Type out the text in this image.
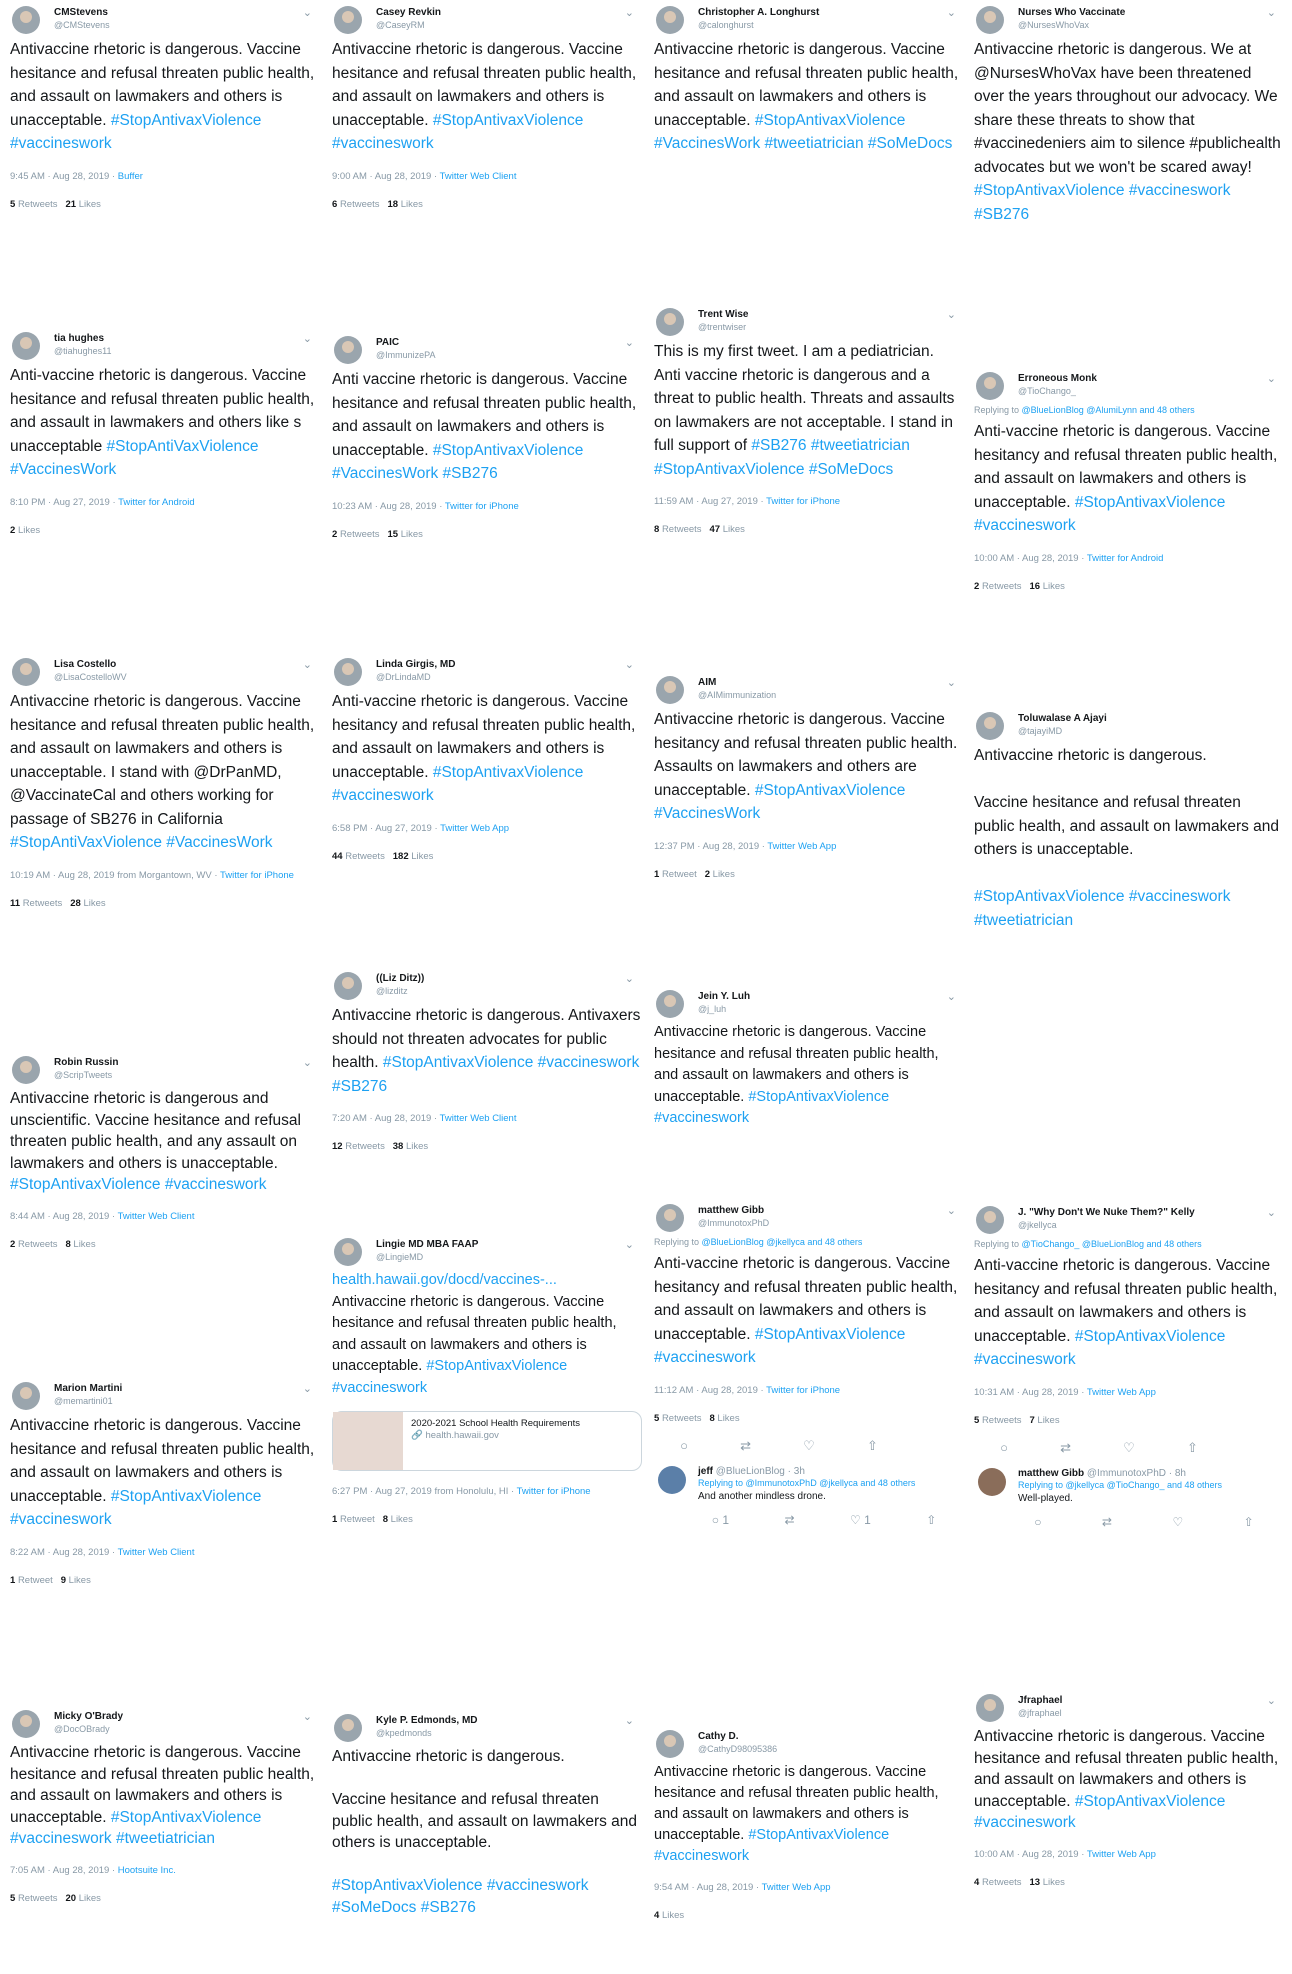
CMStevens
@CMStevens
⌄

Antivaccine rhetoric is dangerous. Vaccine hesitance and refusal threaten public health, and assault on lawmakers and others is unacceptable. #StopAntivaxViolence #vaccineswork

9:45 AM · Aug 28, 2019 · Buffer
5 Retweets 21 Likes
tia hughes
@tiahughes11
⌄

Anti-vaccine rhetoric is dangerous. Vaccine hesitance and refusal threaten public health, and assault in lawmakers and others like s unacceptable #StopAntiVaxViolence #VaccinesWork

8:10 PM · Aug 27, 2019 · Twitter for Android
2 Likes
Lisa Costello
@LisaCostelloWV
⌄

Antivaccine rhetoric is dangerous. Vaccine hesitance and refusal threaten public health, and assault on lawmakers and others is unacceptable. I stand with @DrPanMD, @VaccinateCal and others working for passage of SB276 in California #StopAntiVaxViolence #VaccinesWork

10:19 AM · Aug 28, 2019 from Morgantown, WV · Twitter for iPhone
11 Retweets 28 Likes
Robin Russin
@ScripTweets
⌄

Antivaccine rhetoric is dangerous and unscientific. Vaccine hesitance and refusal threaten public health, and any assault on lawmakers and others is unacceptable. #StopAntivaxViolence #vaccineswork

8:44 AM · Aug 28, 2019 · Twitter Web Client
2 Retweets 8 Likes
Marion Martini
@memartini01
⌄

Antivaccine rhetoric is dangerous. Vaccine hesitance and refusal threaten public health, and assault on lawmakers and others is unacceptable. #StopAntivaxViolence #vaccineswork

8:22 AM · Aug 28, 2019 · Twitter Web Client
1 Retweet 9 Likes
Micky O'Brady
@DocOBrady
⌄

Antivaccine rhetoric is dangerous. Vaccine hesitance and refusal threaten public health, and assault on lawmakers and others is unacceptable. #StopAntivaxViolence #vaccineswork #tweetiatrician

7:05 AM · Aug 28, 2019 · Hootsuite Inc.
5 Retweets 20 Likes
Casey Revkin
@CaseyRM
⌄

Antivaccine rhetoric is dangerous. Vaccine hesitance and refusal threaten public health, and assault on lawmakers and others is unacceptable. #StopAntivaxViolence #vaccineswork

9:00 AM · Aug 28, 2019 · Twitter Web Client
6 Retweets 18 Likes
PAIC
@ImmunizePA
⌄

Anti vaccine rhetoric is dangerous. Vaccine hesitance and refusal threaten public health, and assault on lawmakers and others is unacceptable. #StopAntivaxViolence #VaccinesWork #SB276

10:23 AM · Aug 28, 2019 · Twitter for iPhone
2 Retweets 15 Likes
Linda Girgis, MD
@DrLindaMD
⌄

Anti-vaccine rhetoric is dangerous. Vaccine hesitancy and refusal threaten public health, and assault on lawmakers and others is unacceptable. #StopAntivaxViolence #vaccineswork

6:58 PM · Aug 27, 2019 · Twitter Web App
44 Retweets 182 Likes
((Liz Ditz))
@lizditz
⌄

Antivaccine rhetoric is dangerous. Antivaxers should not threaten advocates for public health. #StopAntivaxViolence #vaccineswork #SB276

7:20 AM · Aug 28, 2019 · Twitter Web Client
12 Retweets 38 Likes
Lingie MD MBA FAAP
@LingieMD
⌄

health.hawaii.gov/docd/vaccines-...
Antivaccine rhetoric is dangerous. Vaccine hesitance and refusal threaten public health, and assault on lawmakers and others is unacceptable. #StopAntivaxViolence #vaccineswork

2020-2021 School Health Requirements
🔗 health.hawaii.gov
6:27 PM · Aug 27, 2019 from Honolulu, HI · Twitter for iPhone
1 Retweet 8 Likes
Kyle P. Edmonds, MD
@kpedmonds
⌄

Antivaccine rhetoric is dangerous.

Vaccine hesitance and refusal threaten public health, and assault on lawmakers and others is unacceptable.

#StopAntivaxViolence #vaccineswork #SoMeDocs #SB276

Christopher A. Longhurst
@calonghurst
⌄

Antivaccine rhetoric is dangerous. Vaccine hesitance and refusal threaten public health, and assault on lawmakers and others is unacceptable. #StopAntivaxViolence #VaccinesWork #tweetiatrician #SoMeDocs

Trent Wise
@trentwiser
⌄

This is my first tweet. I am a pediatrician. Anti vaccine rhetoric is dangerous and a threat to public health. Threats and assaults on lawmakers are not acceptable. I stand in full support of #SB276 #tweetiatrician #StopAntivaxViolence #SoMeDocs

11:59 AM · Aug 27, 2019 · Twitter for iPhone
8 Retweets 47 Likes
AIM
@AIMimmunization
⌄

Antivaccine rhetoric is dangerous. Vaccine hesitancy and refusal threaten public health. Assaults on lawmakers and others are unacceptable. #StopAntivaxViolence #VaccinesWork

12:37 PM · Aug 28, 2019 · Twitter Web App
1 Retweet 2 Likes
Jein Y. Luh
@j_luh
⌄

Antivaccine rhetoric is dangerous. Vaccine hesitance and refusal threaten public health, and assault on lawmakers and others is unacceptable. #StopAntivaxViolence #vaccineswork

matthew Gibb
@ImmunotoxPhD
⌄
Replying to @BlueLionBlog @jkellyca and 48 others

Anti-vaccine rhetoric is dangerous. Vaccine hesitancy and refusal threaten public health, and assault on lawmakers and others is unacceptable. #StopAntivaxViolence #vaccineswork

11:12 AM · Aug 28, 2019 · Twitter for iPhone
5 Retweets 8 Likes
○	⇄	♡	⇧
jeff @BlueLionBlog · 3h
Replying to @ImmunotoxPhD @jkellyca and 48 others
And another mindless drone.
○ 1	⇄	♡ 1	⇧
Cathy D.
@CathyD98095386

Antivaccine rhetoric is dangerous. Vaccine hesitance and refusal threaten public health, and assault on lawmakers and others is unacceptable. #StopAntivaxViolence #vaccineswork

9:54 AM · Aug 28, 2019 · Twitter Web App
4 Likes
Nurses Who Vaccinate
@NursesWhoVax
⌄

Antivaccine rhetoric is dangerous. We at @NursesWhoVax have been threatened over the years throughout our advocacy. We share these threats to show that #vaccinedeniers aim to silence #publichealth advocates but we won't be scared away! #StopAntivaxViolence #vaccineswork #SB276

Erroneous Monk
@TioChango_
⌄
Replying to @BlueLionBlog @AlumiLynn and 48 others

Anti-vaccine rhetoric is dangerous. Vaccine hesitancy and refusal threaten public health, and assault on lawmakers and others is unacceptable. #StopAntivaxViolence #vaccineswork

10:00 AM · Aug 28, 2019 · Twitter for Android
2 Retweets 16 Likes
Toluwalase A Ajayi
@tajayiMD

Antivaccine rhetoric is dangerous.

Vaccine hesitance and refusal threaten public health, and assault on lawmakers and others is unacceptable.

#StopAntivaxViolence #vaccineswork #tweetiatrician

J. "Why Don't We Nuke Them?" Kelly
@jkellyca
⌄
Replying to @TioChango_ @BlueLionBlog and 48 others

Anti-vaccine rhetoric is dangerous. Vaccine hesitancy and refusal threaten public health, and assault on lawmakers and others is unacceptable. #StopAntivaxViolence #vaccineswork

10:31 AM · Aug 28, 2019 · Twitter Web App
5 Retweets 7 Likes
○	⇄	♡	⇧
matthew Gibb @ImmunotoxPhD · 8h
Replying to @jkellyca @TioChango_ and 48 others
Well-played.
○	⇄	♡	⇧
Jfraphael
@jfraphael
⌄

Antivaccine rhetoric is dangerous. Vaccine hesitance and refusal threaten public health, and assault on lawmakers and others is unacceptable. #StopAntivaxViolence #vaccineswork

10:00 AM · Aug 28, 2019 · Twitter Web App
4 Retweets 13 Likes
